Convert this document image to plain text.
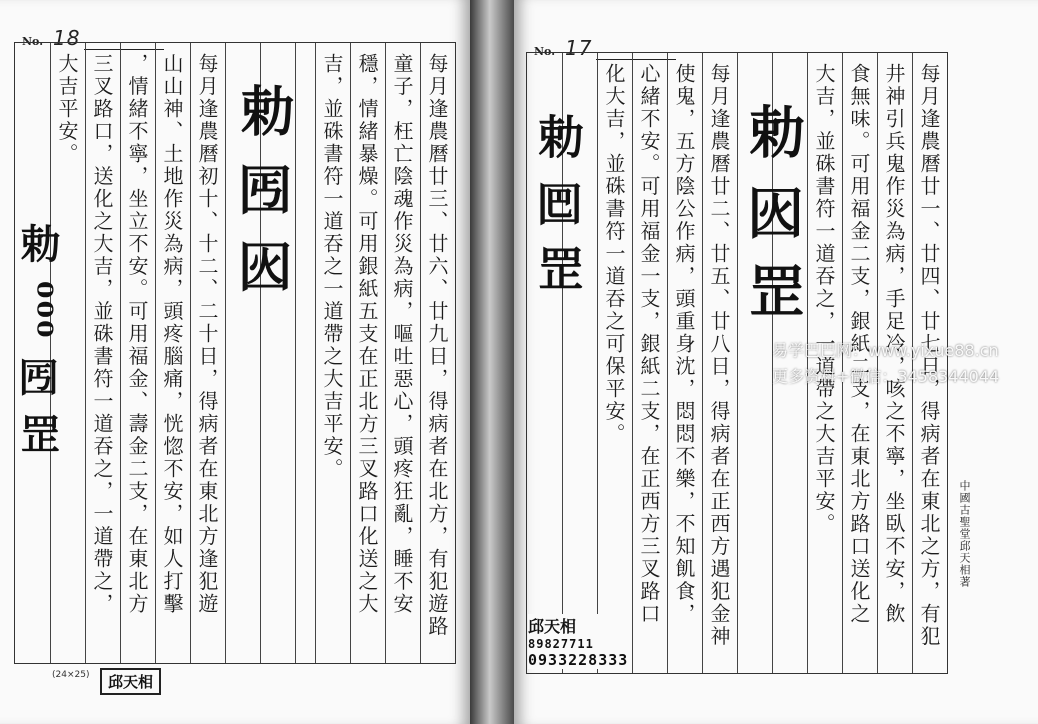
No. 18
每月逢農曆廿三、廿六、廿九日，得病者在北方，有犯遊路
童子，枉亡陰魂作災為病，嘔吐惡心，頭疼狂亂，睡不安
穩，情緒暴燥。可用銀紙五支在正北方三叉路口化送之大
吉，並硃書符一道吞之一道帶之大吉平安。
每月逢農曆初十、十二、二十日，得病者在東北方逢犯遊
山山神、土地作災為病，頭疼腦痛，恍惚不安，如人打擊
，情緒不寧，坐立不安。可用福金、壽金二支，在東北方
三叉路口，送化之大吉，並硃書符一道吞之，一道帶之，
大吉平安。	勅 𡆸 𡇂
勅 ⁰⁰⁰ 𡆸 罡
(24×25)	邱天相
No. 17
每月逢農曆廿一、廿四、廿七日，得病者在東北之方，有犯
井神引兵鬼作災為病，手足冷，咳之不寧，坐臥不安，飲
食無味。可用福金二支，銀紙二支，在東北方路口送化之
大吉，並硃書符一道吞之，一道帶之大吉平安。
每月逢農曆廿二、廿五、廿八日，得病者在正西方遇犯金神
使鬼，五方陰公作病，頭重身沈，悶悶不樂，不知飢食，
心緒不安。可用福金一支，銀紙二支，在正西方三叉路口
化大吉，並硃書符一道吞之可保平安。 勅 𡇂 罡
勅 𡇃 罡
中國古聖堂邱天相著
邱天相
89827711
0933228333
易学巴巴网：www.yixue88.cn
更多资料+微信：3458344044
